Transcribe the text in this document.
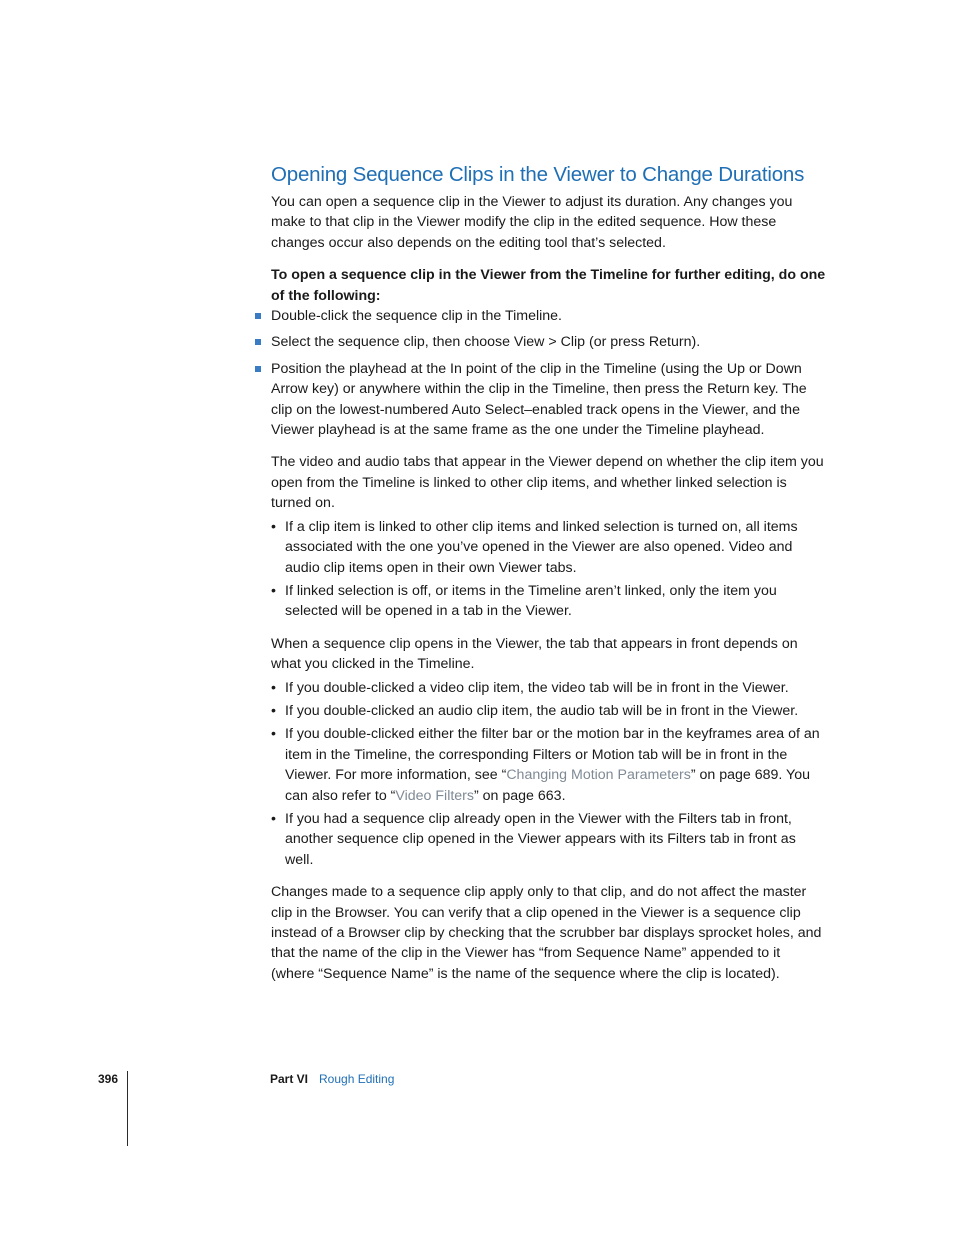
Opening Sequence Clips in the Viewer to Change Durations

You can open a sequence clip in the Viewer to adjust its duration. Any changes you make to that clip in the Viewer modify the clip in the edited sequence. How these changes occur also depends on the editing tool that’s selected.

To open a sequence clip in the Viewer from the Timeline for further editing, do one of the following:

Double-click the sequence clip in the Timeline.
Select the sequence clip, then choose View > Clip (or press Return).
Position the playhead at the In point of the clip in the Timeline (using the Up or Down Arrow key) or anywhere within the clip in the Timeline, then press the Return key. The clip on the lowest-numbered Auto Select–enabled track opens in the Viewer, and the Viewer playhead is at the same frame as the one under the Timeline playhead.

The video and audio tabs that appear in the Viewer depend on whether the clip item you open from the Timeline is linked to other clip items, and whether linked selection is turned on.

• If a clip item is linked to other clip items and linked selection is turned on, all items associated with the one you’ve opened in the Viewer are also opened. Video and audio clip items open in their own Viewer tabs.
• If linked selection is off, or items in the Timeline aren’t linked, only the item you selected will be opened in a tab in the Viewer.

When a sequence clip opens in the Viewer, the tab that appears in front depends on what you clicked in the Timeline.

• If you double-clicked a video clip item, the video tab will be in front in the Viewer.
• If you double-clicked an audio clip item, the audio tab will be in front in the Viewer.
• If you double-clicked either the filter bar or the motion bar in the keyframes area of an item in the Timeline, the corresponding Filters or Motion tab will be in front in the Viewer. For more information, see “Changing Motion Parameters” on page 689. You can also refer to “Video Filters” on page 663.
• If you had a sequence clip already open in the Viewer with the Filters tab in front, another sequence clip opened in the Viewer appears with its Filters tab in front as well.

Changes made to a sequence clip apply only to that clip, and do not affect the master clip in the Browser. You can verify that a clip opened in the Viewer is a sequence clip instead of a Browser clip by checking that the scrubber bar displays sprocket holes, and that the name of the clip in the Viewer has “from Sequence Name” appended to it (where “Sequence Name” is the name of the sequence where the clip is located).

396	Part VI Rough Editing
